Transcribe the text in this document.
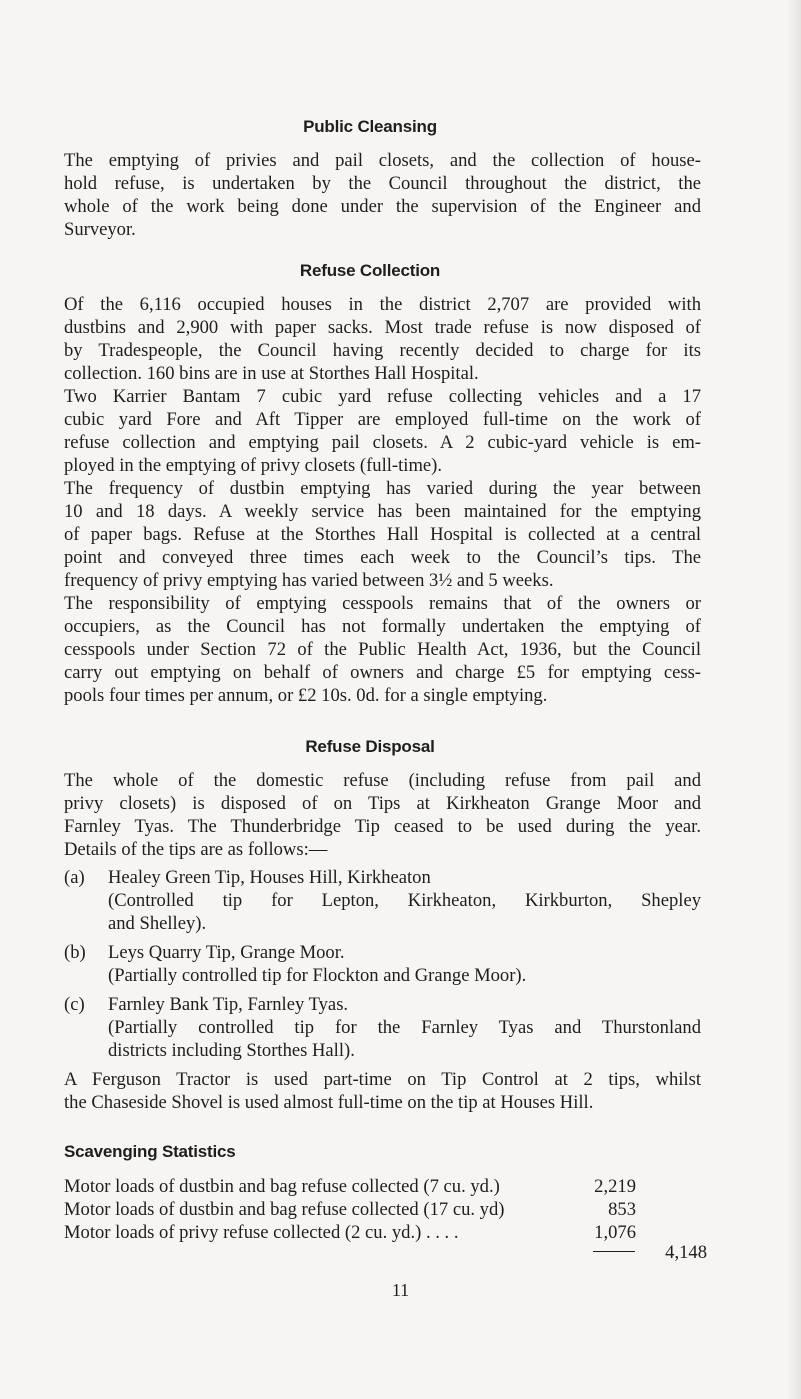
Public Cleansing
The emptying of privies and pail closets, and the collection of house-
hold refuse, is undertaken by the Council throughout the district, the
whole of the work being done under the supervision of the Engineer and
Surveyor.
Refuse Collection
Of the 6,116 occupied houses in the district 2,707 are provided with
dustbins and 2,900 with paper sacks. Most trade refuse is now disposed of
by Tradespeople, the Council having recently decided to charge for its
collection. 160 bins are in use at Storthes Hall Hospital.
Two Karrier Bantam 7 cubic yard refuse collecting vehicles and a 17
cubic yard Fore and Aft Tipper are employed full-time on the work of
refuse collection and emptying pail closets. A 2 cubic-yard vehicle is em-
ployed in the emptying of privy closets (full-time).
The frequency of dustbin emptying has varied during the year between
10 and 18 days. A weekly service has been maintained for the emptying
of paper bags. Refuse at the Storthes Hall Hospital is collected at a central
point and conveyed three times each week to the Council’s tips. The
frequency of privy emptying has varied between 3½ and 5 weeks.
The responsibility of emptying cesspools remains that of the owners or
occupiers, as the Council has not formally undertaken the emptying of
cesspools under Section 72 of the Public Health Act, 1936, but the Council
carry out emptying on behalf of owners and charge £5 for emptying cess-
pools four times per annum, or £2 10s. 0d. for a single emptying.
Refuse Disposal
The whole of the domestic refuse (including refuse from pail and
privy closets) is disposed of on Tips at Kirkheaton Grange Moor and
Farnley Tyas. The Thunderbridge Tip ceased to be used during the year.
Details of the tips are as follows:—
(a) Healey Green Tip, Houses Hill, Kirkheaton
(Controlled tip for Lepton, Kirkheaton, Kirkburton, Shepley
and Shelley).
(b) Leys Quarry Tip, Grange Moor.
(Partially controlled tip for Flockton and Grange Moor).
(c) Farnley Bank Tip, Farnley Tyas.
(Partially controlled tip for the Farnley Tyas and Thurstonland
districts including Storthes Hall).
A Ferguson Tractor is used part-time on Tip Control at 2 tips, whilst
the Chaseside Shovel is used almost full-time on the tip at Houses Hill.
Scavenging Statistics
Motor loads of dustbin and bag refuse collected (7 cu. yd.)	2,219
Motor loads of dustbin and bag refuse collected (17 cu. yd)	853
Motor loads of privy refuse collected (2 cu. yd.) . . . .	1,076
4,148
11
